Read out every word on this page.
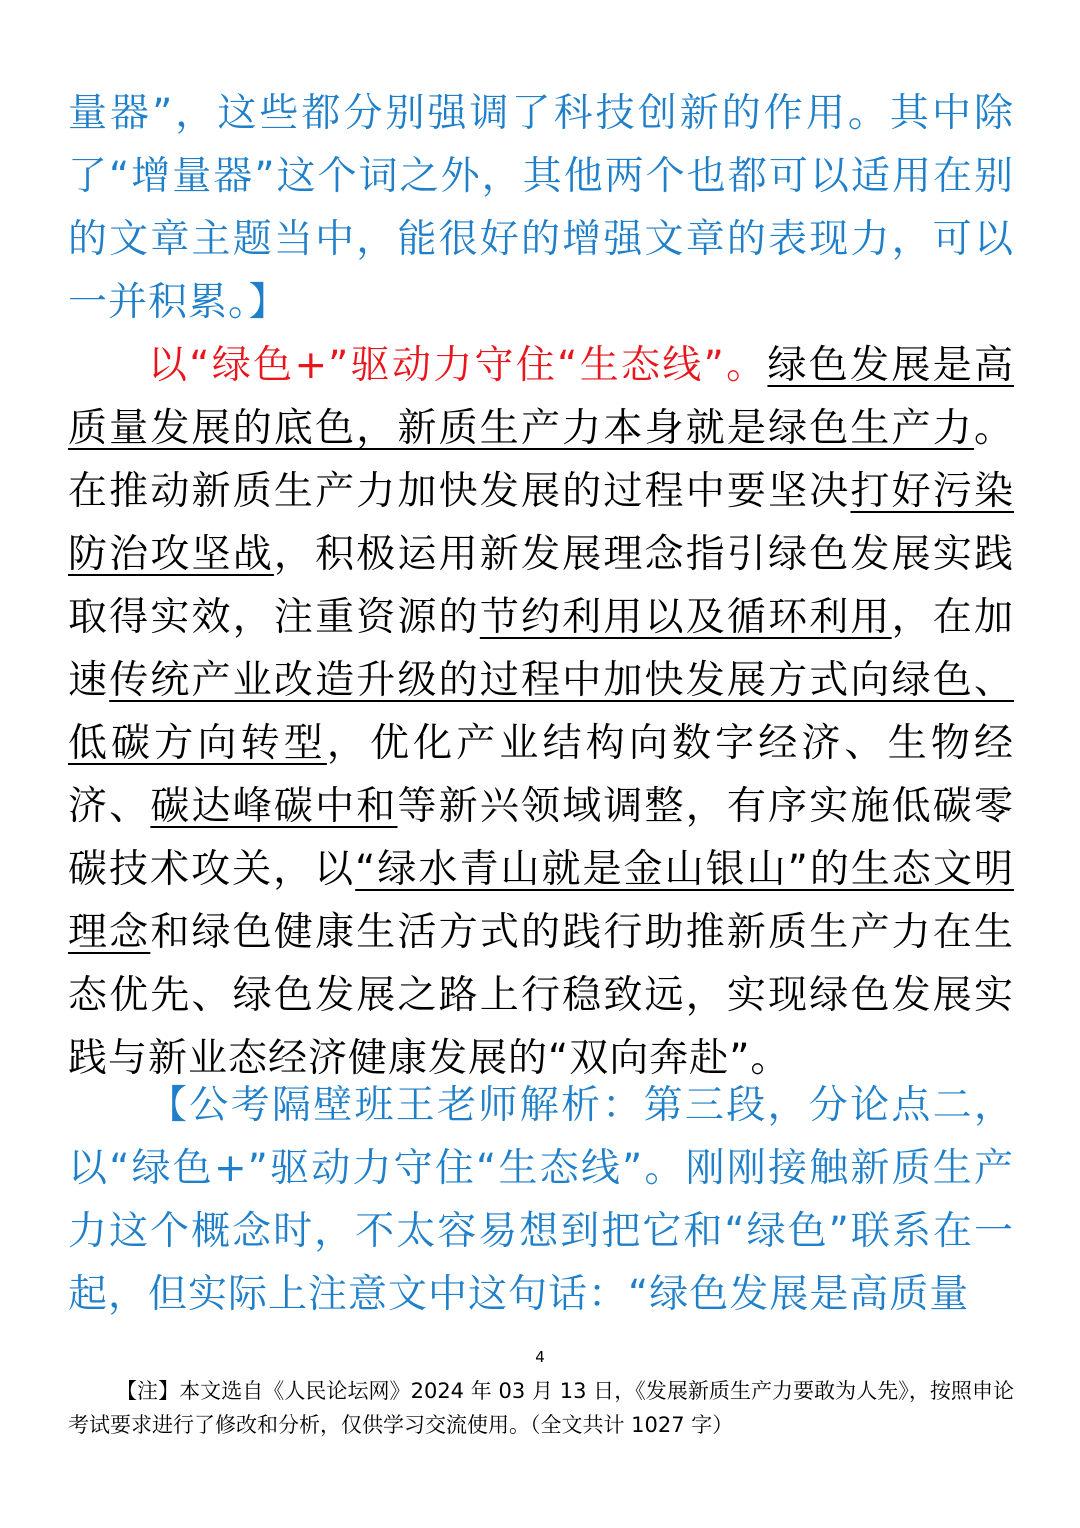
量器”，这些都分别强调了科技创新的作用。其中除了“增量器”这个词之外，其他两个也都可以适用在别的文章主题当中，能很好的增强文章的表现力，可以一并积累。】

以“绿色+”驱动力守住“生态线”。绿色发展是高质量发展的底色，新质生产力本身就是绿色生产力。在推动新质生产力加快发展的过程中要坚决打好污染防治攻坚战，积极运用新发展理念指引绿色发展实践取得实效，注重资源的节约利用以及循环利用，在加速传统产业改造升级的过程中加快发展方式向绿色、低碳方向转型，优化产业结构向数字经济、生物经济、碳达峰碳中和等新兴领域调整，有序实施低碳零碳技术攻关，以“绿水青山就是金山银山”的生态文明理念和绿色健康生活方式的践行助推新质生产力在生态优先、绿色发展之路上行稳致远，实现绿色发展实践与新业态经济健康发展的“双向奔赴”。

【公考隔壁班王老师解析：第三段，分论点二，以“绿色+”驱动力守住“生态线”。刚刚接触新质生产力这个概念时，不太容易想到把它和“绿色”联系在一起，但实际上注意文中这句话：“绿色发展是高质量

4

【注】本文选自《人民论坛网》2024 年 03 月 13 日，《发展新质生产力要敢为人先》，按照申论考试要求进行了修改和分析，仅供学习交流使用。（全文共计 1027 字）
